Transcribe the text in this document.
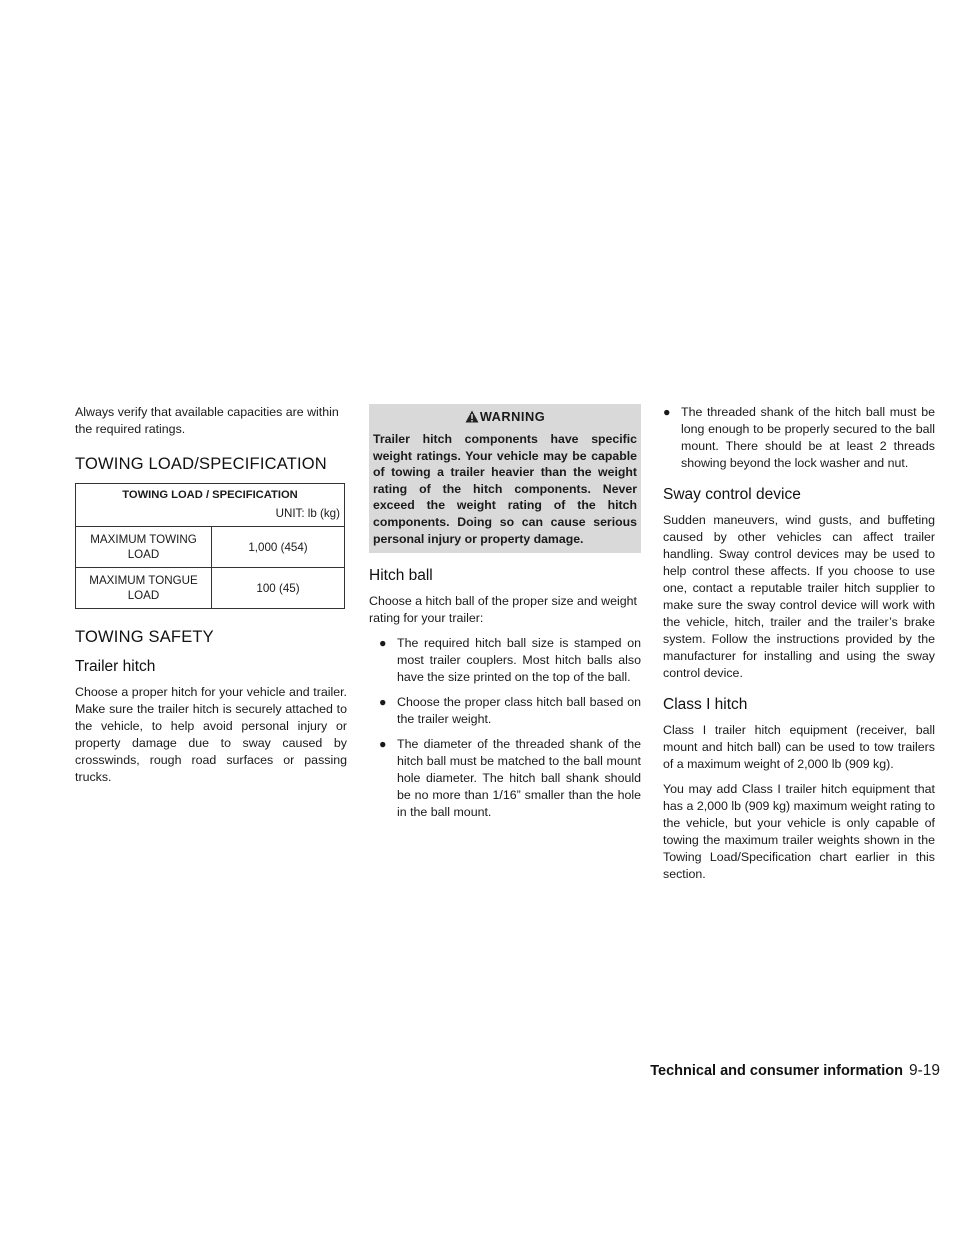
Always verify that available capacities are within the required ratings.

TOWING LOAD/SPECIFICATION
TOWING LOAD / SPECIFICATION	
UNIT: lb (kg)	
MAXIMUM TOWING LOAD	1,000 (454)
MAXIMUM TONGUE LOAD	100 (45)
TOWING SAFETY
Trailer hitch

Choose a proper hitch for your vehicle and trailer. Make sure the trailer hitch is securely attached to the vehicle, to help avoid personal injury or property damage due to sway caused by crosswinds, rough road surfaces or passing trucks.

WARNING

Trailer hitch components have specific weight ratings. Your vehicle may be capable of towing a trailer heavier than the weight rating of the hitch components. Never exceed the weight rating of the hitch components. Doing so can cause serious personal injury or property damage.

Hitch ball

Choose a hitch ball of the proper size and weight rating for your trailer:

● The required hitch ball size is stamped on most trailer couplers. Most hitch balls also have the size printed on the top of the ball.
● Choose the proper class hitch ball based on the trailer weight.
● The diameter of the threaded shank of the hitch ball must be matched to the ball mount hole diameter. The hitch ball shank should be no more than 1/16” smaller than the hole in the ball mount.
● The threaded shank of the hitch ball must be long enough to be properly secured to the ball mount. There should be at least 2 threads showing beyond the lock washer and nut.
Sway control device

Sudden maneuvers, wind gusts, and buffeting caused by other vehicles can affect trailer handling. Sway control devices may be used to help control these affects. If you choose to use one, contact a reputable trailer hitch supplier to make sure the sway control device will work with the vehicle, hitch, trailer and the trailer’s brake system. Follow the instructions provided by the manufacturer for installing and using the sway control device.

Class I hitch

Class I trailer hitch equipment (receiver, ball mount and hitch ball) can be used to tow trailers of a maximum weight of 2,000 lb (909 kg).

You may add Class I trailer hitch equipment that has a 2,000 lb (909 kg) maximum weight rating to the vehicle, but your vehicle is only capable of towing the maximum trailer weights shown in the Towing Load/Specification chart earlier in this section.

Technical and consumer information 9-19
